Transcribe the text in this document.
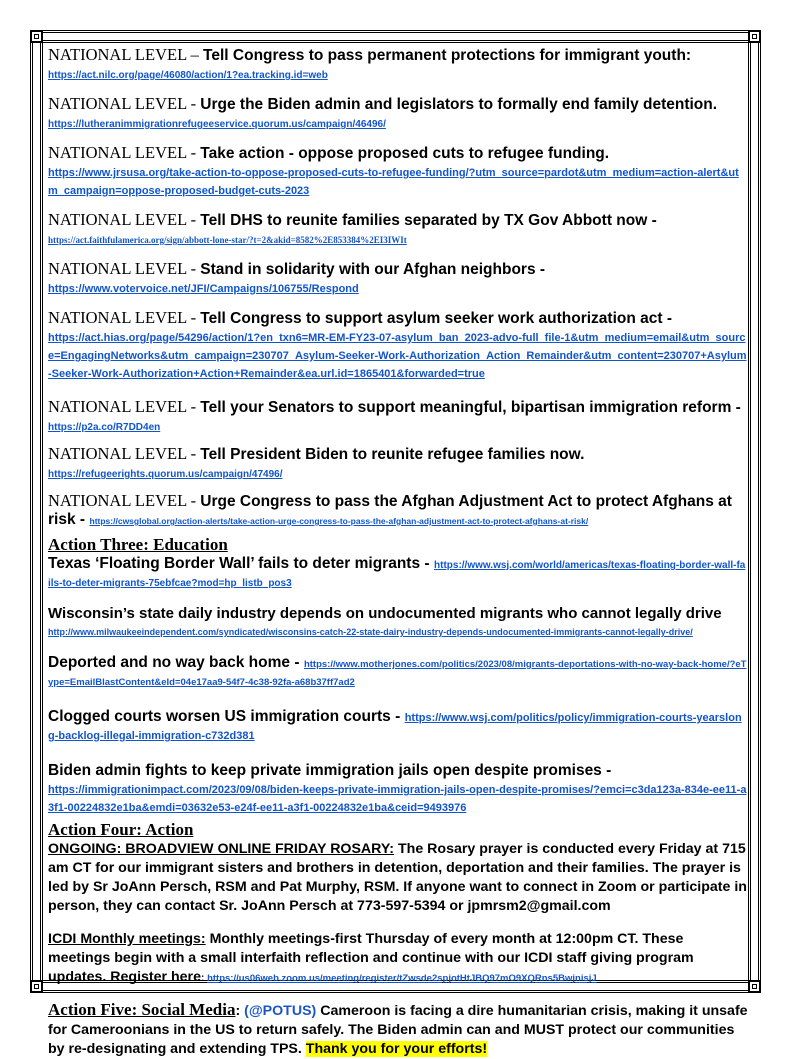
NATIONAL LEVEL – Tell Congress to pass permanent protections for immigrant youth:
https://act.nilc.org/page/46080/action/1?ea.tracking.id=web
NATIONAL LEVEL - Urge the Biden admin and legislators to formally end family detention.
https://lutheranimmigrationrefugeeservice.quorum.us/campaign/46496/
NATIONAL LEVEL - Take action - oppose proposed cuts to refugee funding.
https://www.jrsusa.org/take-action-to-oppose-proposed-cuts-to-refugee-funding/?utm_source=pardot&utm_medium=action-alert&utm_campaign=oppose-proposed-budget-cuts-2023
NATIONAL LEVEL - Tell DHS to reunite families separated by TX Gov Abbott now -
https://act.faithfulamerica.org/sign/abbott-lone-star/?t=2&akid=8582%2E853384%2EI3IWIt
NATIONAL LEVEL - Stand in solidarity with our Afghan neighbors -
https://www.votervoice.net/JFI/Campaigns/106755/Respond
NATIONAL LEVEL - Tell Congress to support asylum seeker work authorization act -
https://act.hias.org/page/54296/action/1?en_txn6=MR-EM-FY23-07-asylum_ban_2023-advo-full_file-1&utm_medium=email&utm_source=EngagingNetworks&utm_campaign=230707_Asylum-Seeker-Work-Authorization_Action_Remainder&utm_content=230707+Asylum-Seeker-Work-Authorization+Action+Remainder&ea.url.id=1865401&forwarded=true
NATIONAL LEVEL - Tell your Senators to support meaningful, bipartisan immigration reform -
https://p2a.co/R7DD4en
NATIONAL LEVEL - Tell President Biden to reunite refugee families now.
https://refugeerights.quorum.us/campaign/47496/
NATIONAL LEVEL - Urge Congress to pass the Afghan Adjustment Act to protect Afghans at risk - https://cwsglobal.org/action-alerts/take-action-urge-congress-to-pass-the-afghan-adjustment-act-to-protect-afghans-at-risk/
Action Three: Education
Texas ‘Floating Border Wall’ fails to deter migrants - https://www.wsj.com/world/americas/texas-floating-border-wall-fails-to-deter-migrants-75ebfcae?mod=hp_listb_pos3
Wisconsin’s state daily industry depends on undocumented migrants who cannot legally drive
http://www.milwaukeeindependent.com/syndicated/wisconsins-catch-22-state-dairy-industry-depends-undocumented-immigrants-cannot-legally-drive/
Deported and no way back home - https://www.motherjones.com/politics/2023/08/migrants-deportations-with-no-way-back-home/?eType=EmailBlastContent&eId=04e17aa9-54f7-4c38-92fa-a68b37ff7ad2
Clogged courts worsen US immigration courts - https://www.wsj.com/politics/policy/immigration-courts-yearslong-backlog-illegal-immigration-c732d381
Biden admin fights to keep private immigration jails open despite promises -
https://immigrationimpact.com/2023/09/08/biden-keeps-private-immigration-jails-open-despite-promises/?emci=c3da123a-834e-ee11-a3f1-00224832e1ba&emdi=03632e53-e24f-ee11-a3f1-00224832e1ba&ceid=9493976
Action Four: Action
ONGOING: BROADVIEW ONLINE FRIDAY ROSARY: The Rosary prayer is conducted every Friday at 715 am CT for our immigrant sisters and brothers in detention, deportation and their families. The prayer is led by Sr JoAnn Persch, RSM and Pat Murphy, RSM. If anyone want to connect in Zoom or participate in person, they can contact Sr. JoAnn Persch at 773-597-5394 or jpmrsm2@gmail.com
ICDI Monthly meetings: Monthly meetings-first Thursday of every month at 12:00pm CT. These meetings begin with a small interfaith reflection and continue with our ICDI staff giving program updates. Register here: https://us06web.zoom.us/meeting/register/tZwsde2spjotHtJBQ97mO9XQRns5BwjnisjJ
Action Five: Social Media: (@POTUS) Cameroon is facing a dire humanitarian crisis, making it unsafe for Cameroonians in the US to return safely. The Biden admin can and MUST protect our communities by re-designating and extending TPS. Thank you for your efforts!
